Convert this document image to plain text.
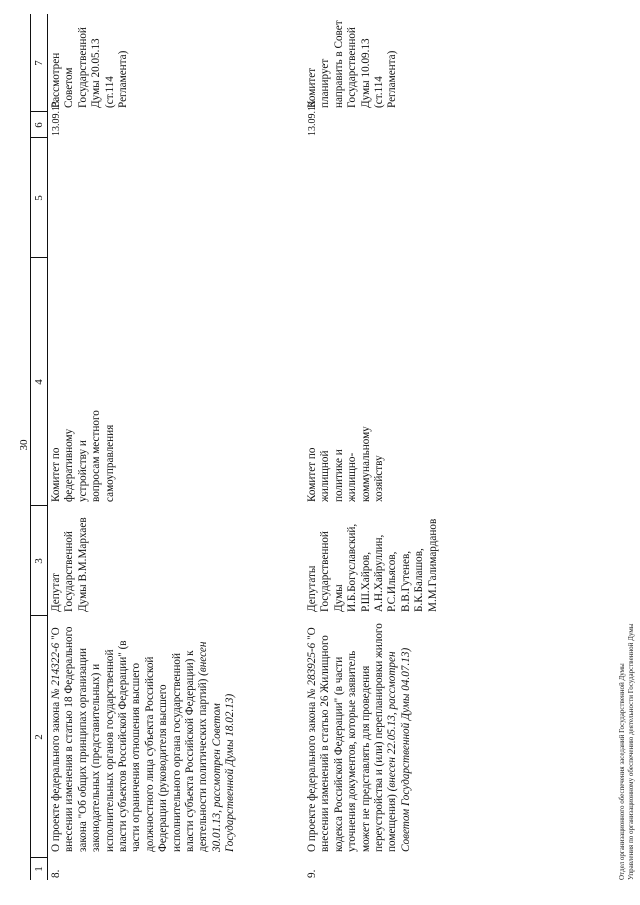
30
1
2
3
4
5
6
7
8.
О проекте федерального закона № 214322-6 "О внесении изменения в статью 18 Федерального закона "Об общих принципах организации законодательных (представительных) и исполнительных органов государственной власти субъектов Российской Федерации" (в части ограничения отношения высшего должностного лица субъекта Российской Федерации (руководителя высшего исполнительного органа государственной власти субъекта Российской Федерации) к деятельности политических партий) (внесен 30.01.13, рассмотрен Советом Государственной Думы 18.02.13)
Депутат Государственной Думы В.М.Мархаев
Комитет по федеративному устройству и вопросам местного самоуправления
13.09.13
Рассмотрен Советом Государственной Думы 20.05.13 (ст.114 Регламента)
9.
О проекте федерального закона № 283925-6 "О внесении изменений в статью 26 Жилищного кодекса Российской Федерации" (в части уточнения документов, которые заявитель может не представлять для проведения переустройства и (или) перепланировки жилого помещения) (внесен 22.05.13, рассмотрен Советом Государственной Думы 04.07.13)
Депутаты Государственной Думы И.Б.Богуславский, Р.Ш.Хайров, А.Н.Хайруллин, Р.С.Ильясов, В.В.Гутенев, Б.К.Балашов, М.М.Галимарданов
Комитет по жилищной политике и жилищно-коммунальному хозяйству
13.09.13
Комитет планирует направить в Совет Государственной Думы 10.09.13 (ст.114 Регламента)
Отдел организационного обеспечения заседаний Государственной Думы Управления по организационному обеспечению деятельности Государственной Думы
